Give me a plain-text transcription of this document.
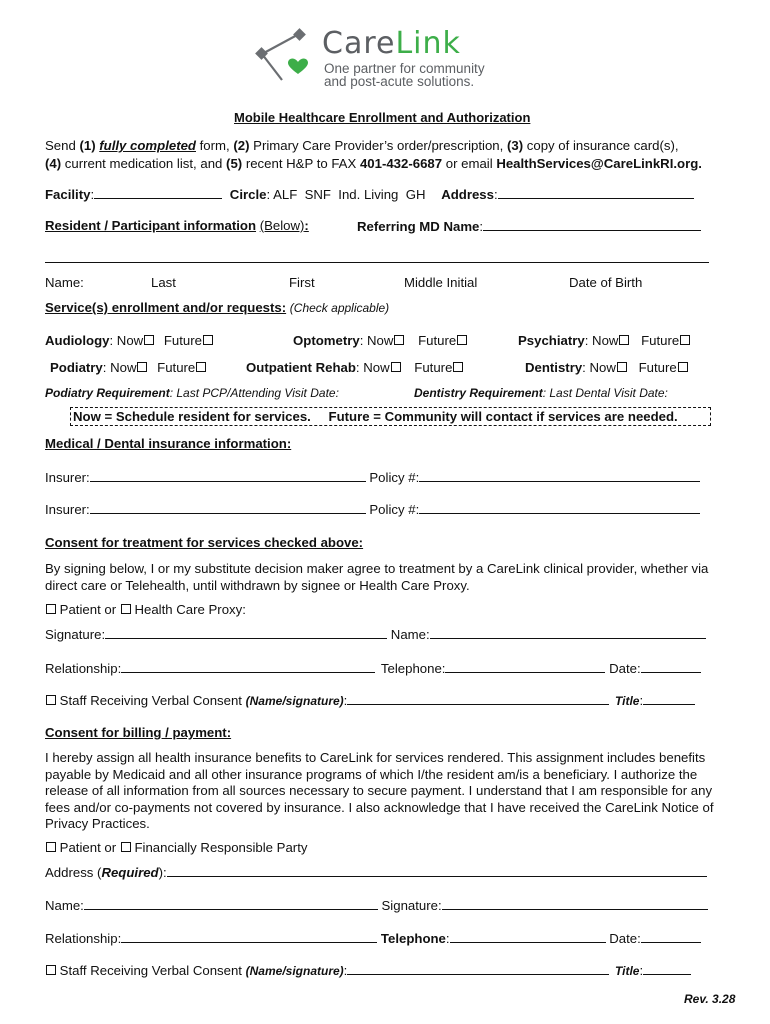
CareLink
One partner for community
and post-acute solutions.
Mobile Healthcare Enrollment and Authorization
Send (1) fully completed form, (2) Primary Care Provider’s order/prescription, (3) copy of insurance card(s),
(4) current medication list, and (5) recent H&P to FAX 401-432-6687 or email HealthServices@CareLinkRI.org.
Facility:	Circle: ALF  SNF  Ind. Living  GH Address:
Resident / Participant information (Below):	Referring MD Name:
Name:	Last	First	Middle Initial	Date of Birth
Service(s) enrollment and/or requests: (Check applicable)
Audiology: Now Future	Optometry: Now Future	Psychiatry: Now Future
Podiatry: Now Future	Outpatient Rehab: Now Future	Dentistry: Now Future
Podiatry Requirement: Last PCP/Attending Visit Date:	Dentistry Requirement: Last Dental Visit Date:
Now = Schedule resident for services. Future = Community will contact if services are needed.
Medical / Dental insurance information:
Insurer:	Policy #:
Insurer:	Policy #:
Consent for treatment for services checked above:
By signing below, I or my substitute decision maker agree to treatment by a CareLink clinical provider, whether via direct care or Telehealth, until withdrawn by signee or Health Care Proxy.
Patient or Health Care Proxy:
Signature:	Name:
Relationship:	Telephone:	Date:
Staff Receiving Verbal Consent (Name/signature):	Title:
Consent for billing / payment:
I hereby assign all health insurance benefits to CareLink for services rendered. This assignment includes benefits payable by Medicaid and all other insurance programs of which I/the resident am/is a beneficiary. I authorize the release of all information from all sources necessary to secure payment. I understand that I am responsible for any fees and/or co-payments not covered by insurance. I also acknowledge that I have received the CareLink Notice of Privacy Practices.
Patient or Financially Responsible Party
Address (Required):
Name:	Signature:
Relationship:	Telephone:	Date:
Staff Receiving Verbal Consent (Name/signature):	Title:
Rev. 3.28
